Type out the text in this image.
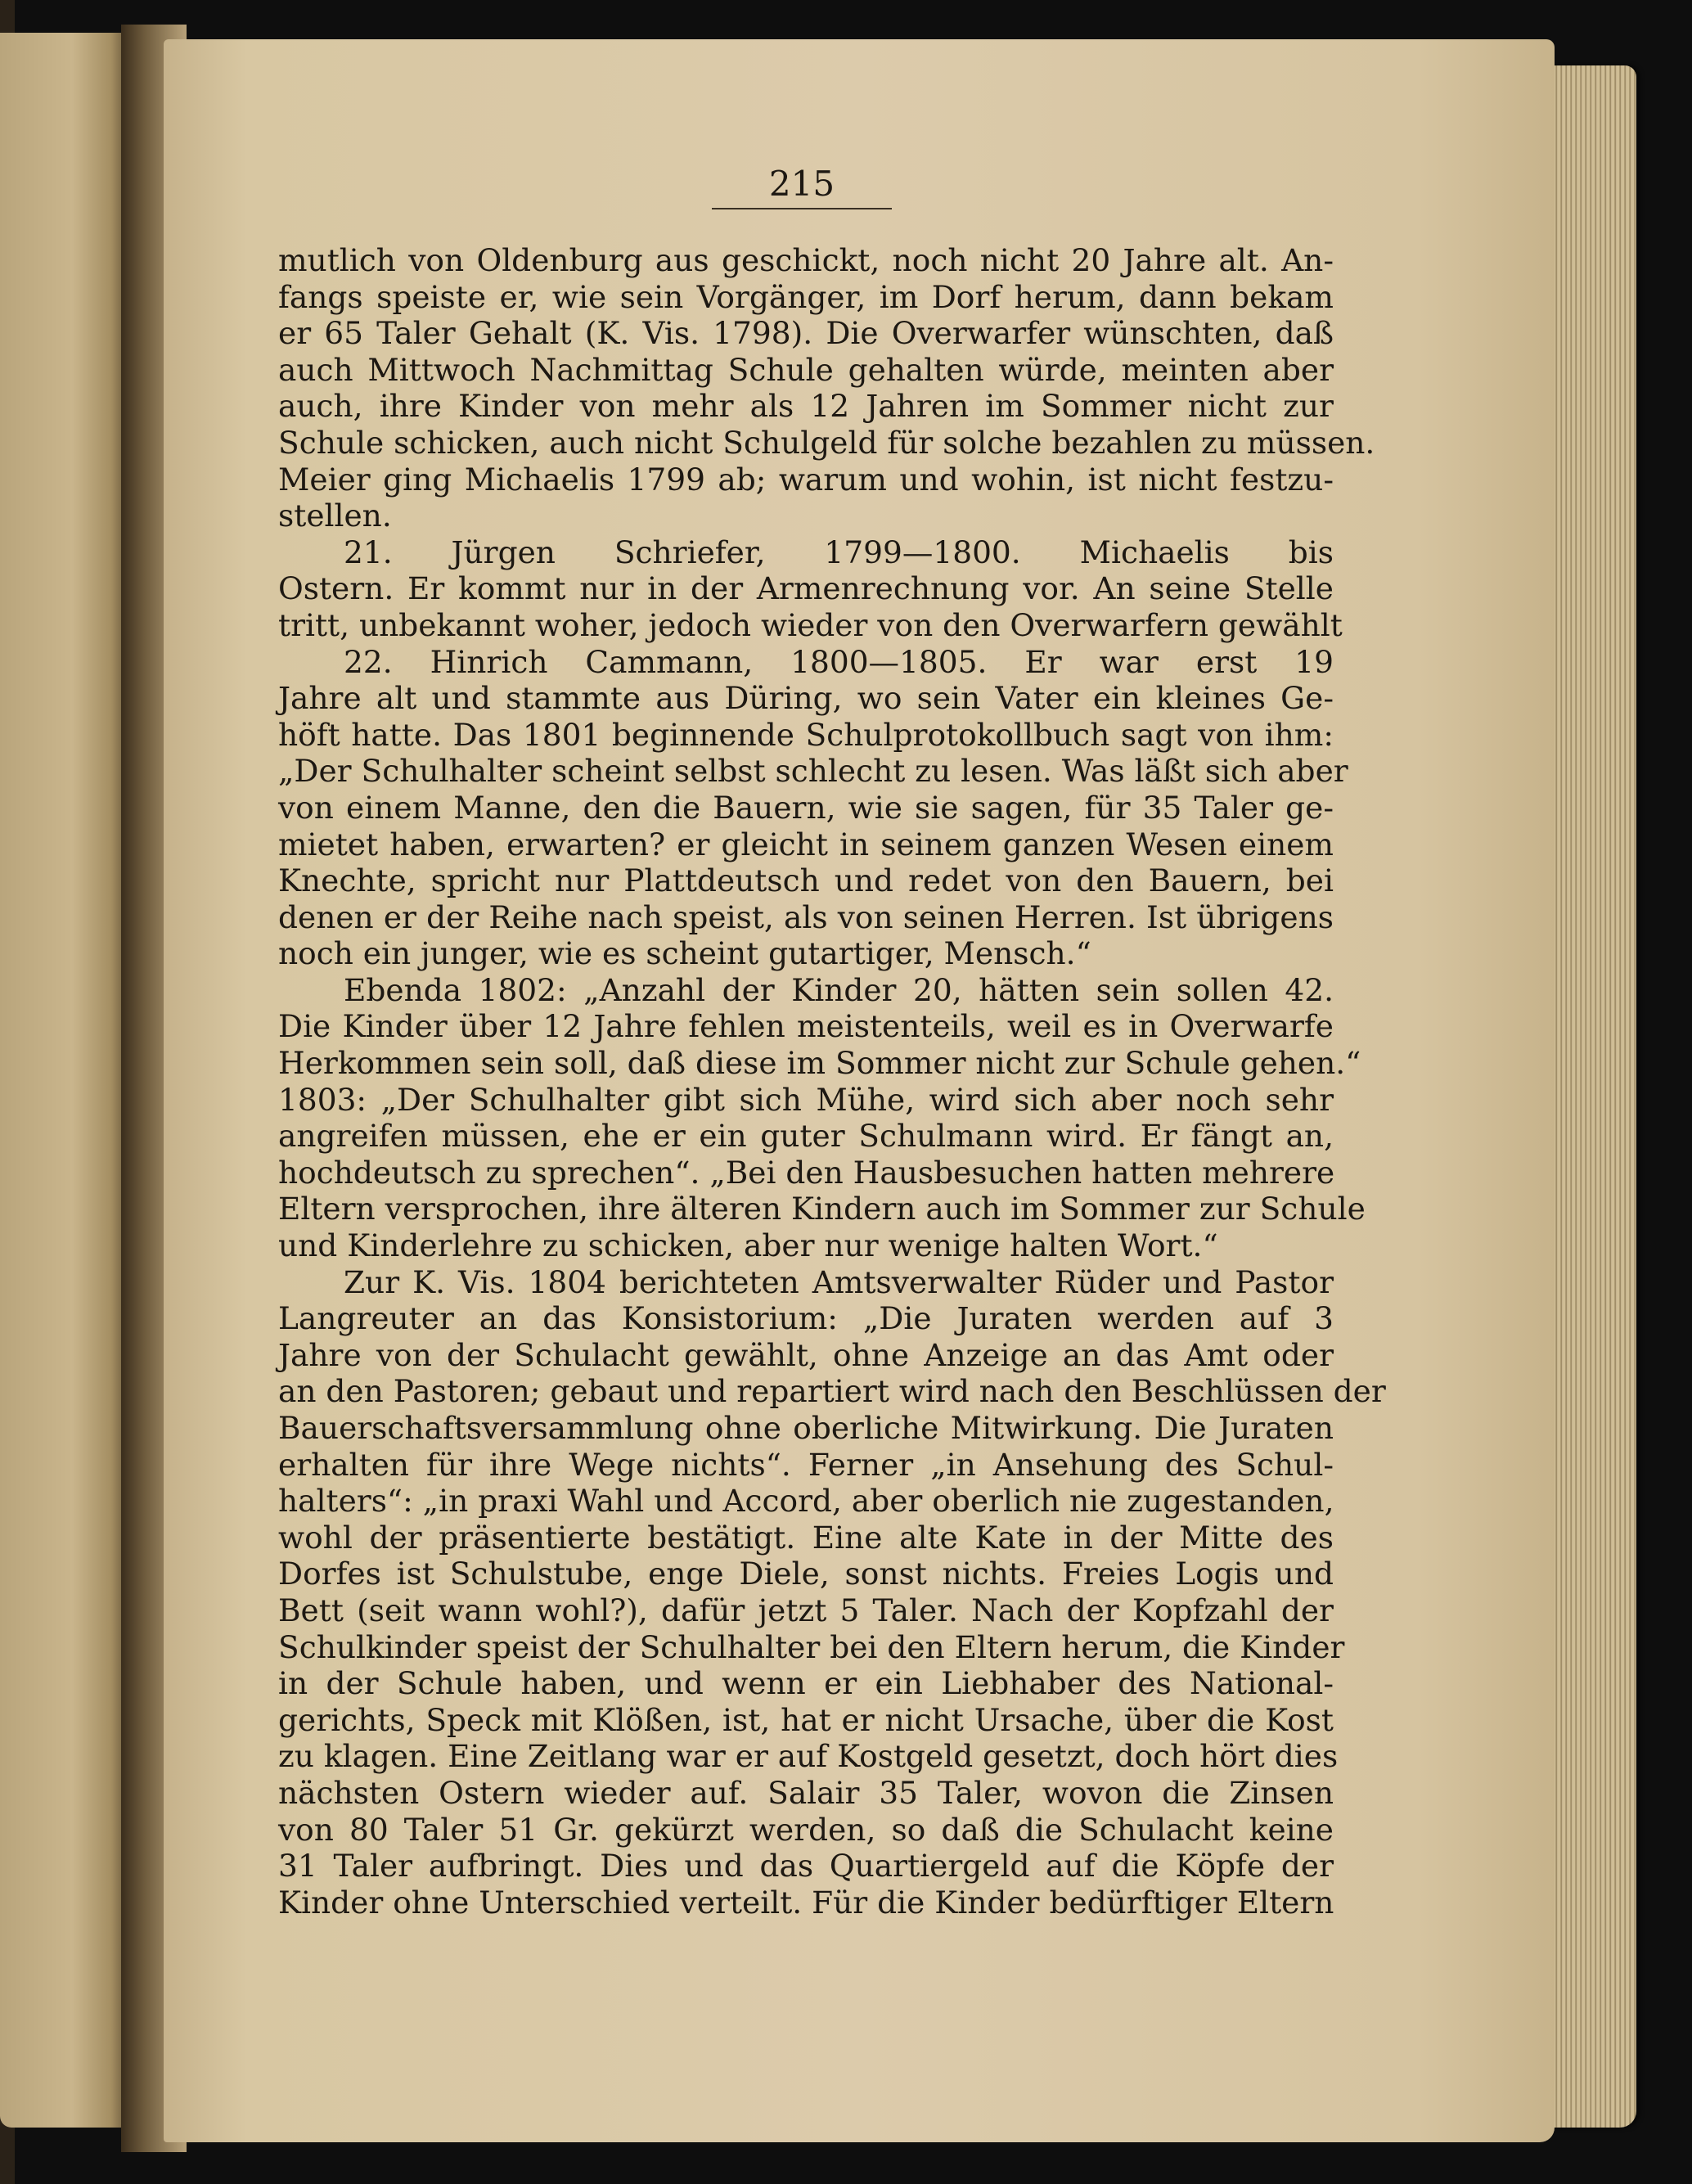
215
mutlich von Oldenburg aus geschickt, noch nicht 20 Jahre alt. An-
fangs speiste er, wie sein Vorgänger, im Dorf herum, dann bekam
er 65 Taler Gehalt (K. Vis. 1798). Die Overwarfer wünschten, daß
auch Mittwoch Nachmittag Schule gehalten würde, meinten aber
auch, ihre Kinder von mehr als 12 Jahren im Sommer nicht zur
Schule schicken, auch nicht Schulgeld für solche bezahlen zu müssen.
Meier ging Michaelis 1799 ab; warum und wohin, ist nicht festzu-
stellen.
21. Jürgen Schriefer, 1799—1800. Michaelis bis
Ostern. Er kommt nur in der Armenrechnung vor. An seine Stelle
tritt, unbekannt woher, jedoch wieder von den Overwarfern gewählt
22. Hinrich Cammann, 1800—1805. Er war erst 19
Jahre alt und stammte aus Düring, wo sein Vater ein kleines Ge-
höft hatte. Das 1801 beginnende Schulprotokollbuch sagt von ihm:
„Der Schulhalter scheint selbst schlecht zu lesen. Was läßt sich aber
von einem Manne, den die Bauern, wie sie sagen, für 35 Taler ge-
mietet haben, erwarten? er gleicht in seinem ganzen Wesen einem
Knechte, spricht nur Plattdeutsch und redet von den Bauern, bei
denen er der Reihe nach speist, als von seinen Herren. Ist übrigens
noch ein junger, wie es scheint gutartiger, Mensch.“
Ebenda 1802: „Anzahl der Kinder 20, hätten sein sollen 42.
Die Kinder über 12 Jahre fehlen meistenteils, weil es in Overwarfe
Herkommen sein soll, daß diese im Sommer nicht zur Schule gehen.“
1803: „Der Schulhalter gibt sich Mühe, wird sich aber noch sehr
angreifen müssen, ehe er ein guter Schulmann wird. Er fängt an,
hochdeutsch zu sprechen“. „Bei den Hausbesuchen hatten mehrere
Eltern versprochen, ihre älteren Kindern auch im Sommer zur Schule
und Kinderlehre zu schicken, aber nur wenige halten Wort.“
Zur K. Vis. 1804 berichteten Amtsverwalter Rüder und Pastor
Langreuter an das Konsistorium: „Die Juraten werden auf 3
Jahre von der Schulacht gewählt, ohne Anzeige an das Amt oder
an den Pastoren; gebaut und repartiert wird nach den Beschlüssen der
Bauerschaftsversammlung ohne oberliche Mitwirkung. Die Juraten
erhalten für ihre Wege nichts“. Ferner „in Ansehung des Schul-
halters“: „in praxi Wahl und Accord, aber oberlich nie zugestanden,
wohl der präsentierte bestätigt. Eine alte Kate in der Mitte des
Dorfes ist Schulstube, enge Diele, sonst nichts. Freies Logis und
Bett (seit wann wohl?), dafür jetzt 5 Taler. Nach der Kopfzahl der
Schulkinder speist der Schulhalter bei den Eltern herum, die Kinder
in der Schule haben, und wenn er ein Liebhaber des National-
gerichts, Speck mit Klößen, ist, hat er nicht Ursache, über die Kost
zu klagen. Eine Zeitlang war er auf Kostgeld gesetzt, doch hört dies
nächsten Ostern wieder auf. Salair 35 Taler, wovon die Zinsen
von 80 Taler 51 Gr. gekürzt werden, so daß die Schulacht keine
31 Taler aufbringt. Dies und das Quartiergeld auf die Köpfe der
Kinder ohne Unterschied verteilt. Für die Kinder bedürftiger Eltern
